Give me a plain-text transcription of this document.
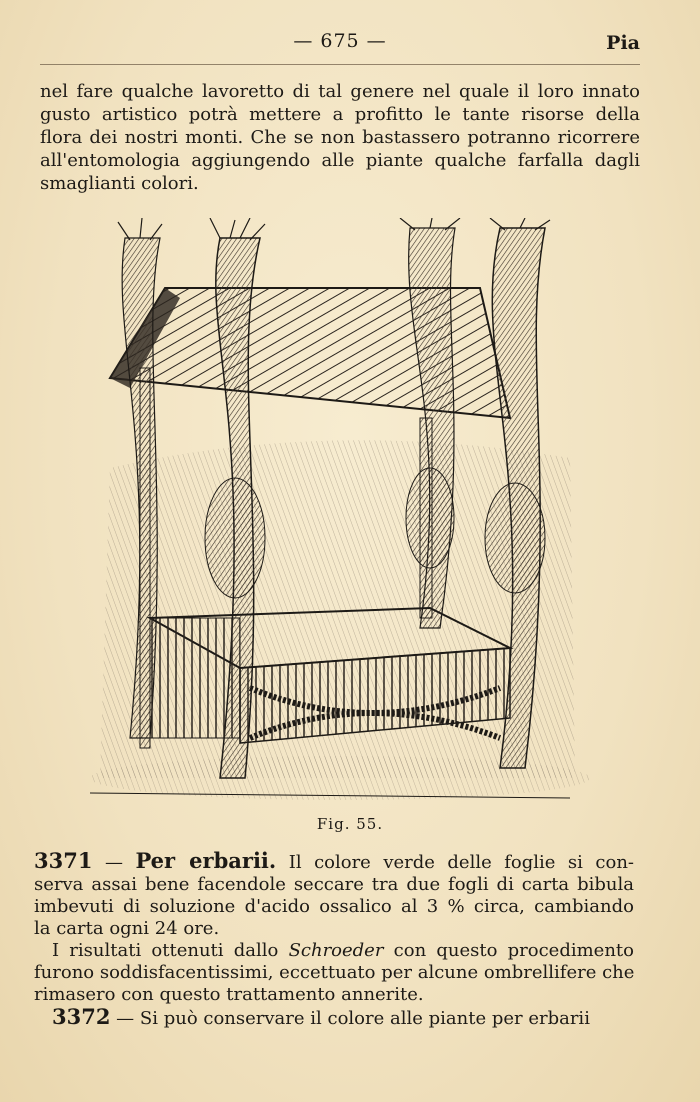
— 675 —	Pia
nel fare qualche lavoretto di tal genere nel quale il loro innato
gusto artistico potrà mettere a profitto le tante risorse della
flora dei nostri monti. Che se non bastassero potranno ricorrere
all'entomologia aggiungendo alle piante qualche farfalla dagli
smaglianti colori.
Fig. 55.
3371 — Per erbarii. Il colore verde delle foglie si con-
serva assai bene facendole seccare tra due fogli di carta bibula
imbevuti di soluzione d'acido ossalico al 3 % circa, cambiando
la carta ogni 24 ore.
I risultati ottenuti dallo Schroeder con questo procedimento
furono soddisfacentissimi, eccettuato per alcune ombrellifere che
rimasero con questo trattamento annerite.
3372 — Si può conservare il colore alle piante per erbarii
